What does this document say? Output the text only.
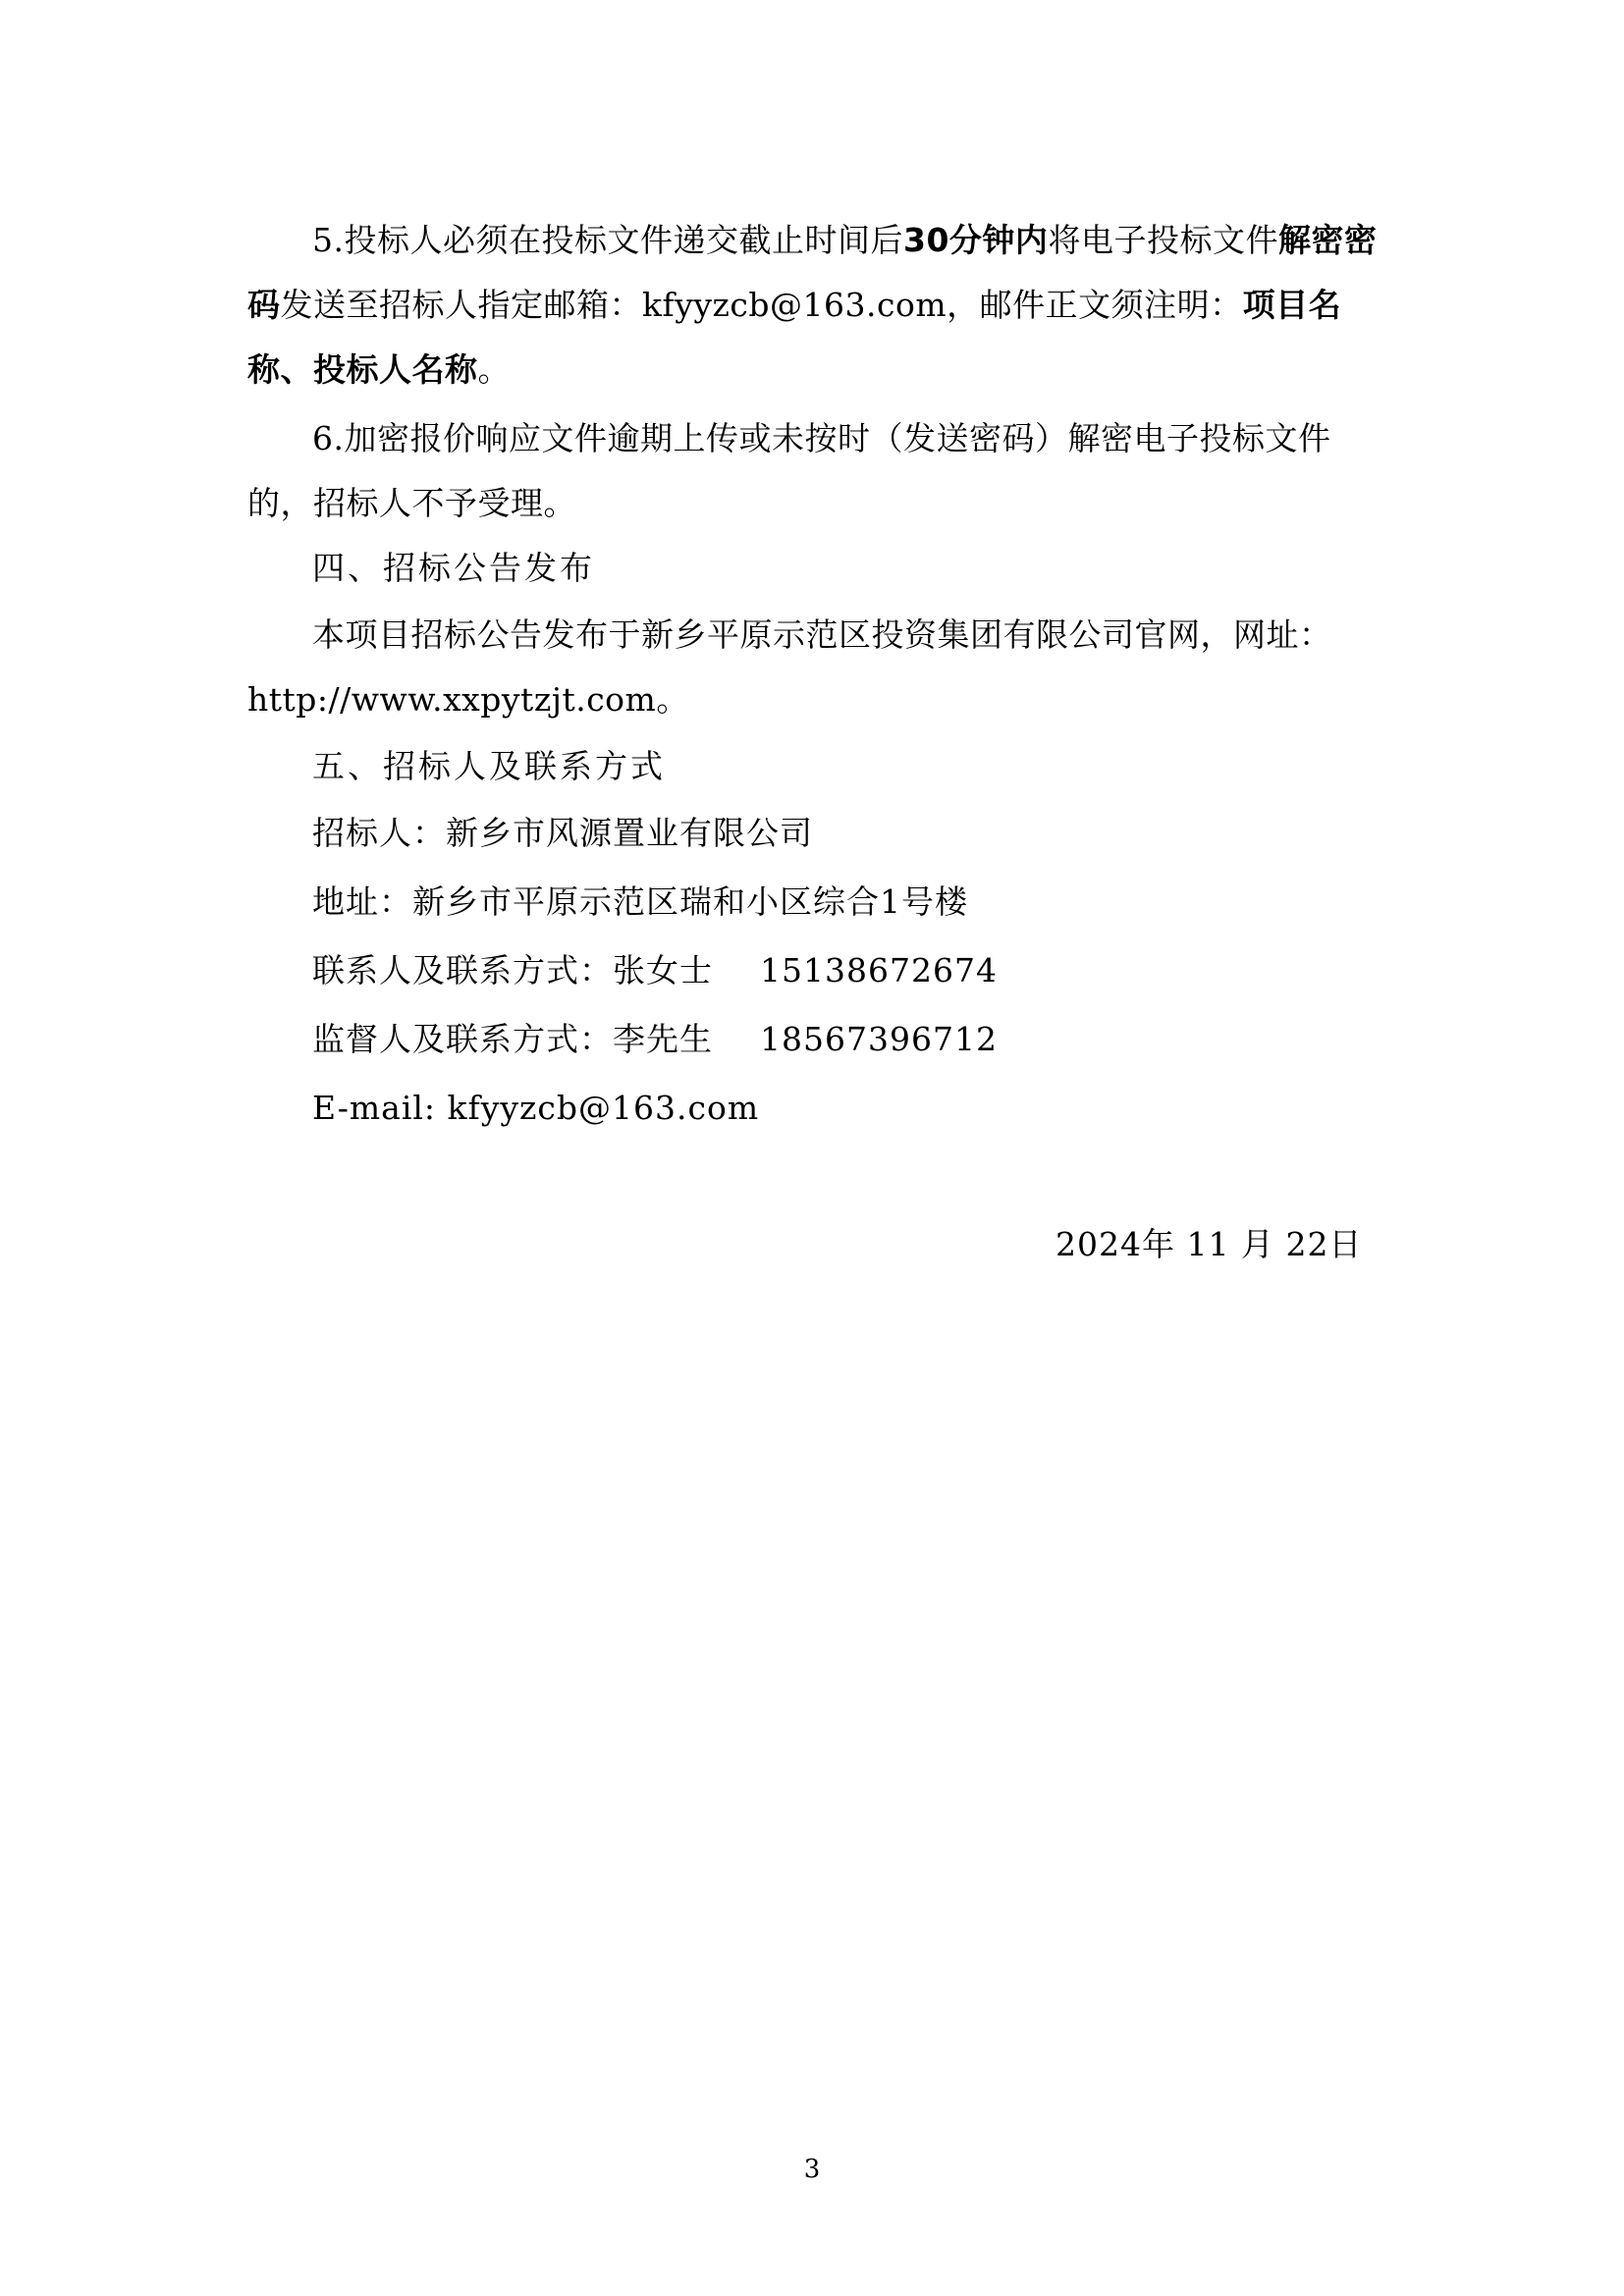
5.投标人必须在投标文件递交截止时间后30分钟内将电子投标文件解密密码发送至招标人指定邮箱：kfyyzcb@163.com，邮件正文须注明：项目名称、投标人名称。

6.加密报价响应文件逾期上传或未按时（发送密码）解密电子投标文件的，招标人不予受理。

四、招标公告发布

本项目招标公告发布于新乡平原示范区投资集团有限公司官网，网址：http://www.xxpytzjt.com。

五、招标人及联系方式

招标人：新乡市风源置业有限公司

地址：新乡市平原示范区瑞和小区综合1号楼

联系人及联系方式：张女士 15138672674

监督人及联系方式：李先生 18567396712

E-mail: kfyyzcb@163.com

2024年 11 月 22日
3
